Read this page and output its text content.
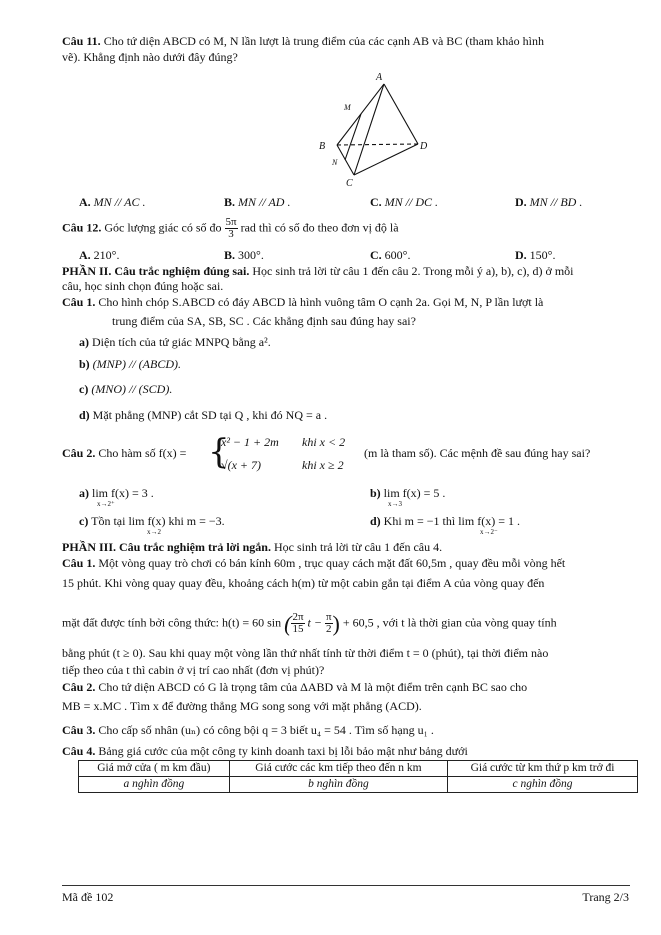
Câu 11. Cho tứ diện ABCD có M, N lần lượt là trung điểm của các cạnh AB và BC (tham khảo hình
vẽ). Khẳng định nào dưới đây đúng?
A
M
B
N
C
D
A. MN // AC .	B. MN // AD .	C. MN // DC .	D. MN // BD .
Câu 12. Góc lượng giác có số đo $\frac{5\pi}{3}$ rad thì có số đo theo đơn vị độ là
A. 210°.	B. 300°.	C. 600°.	D. 150°.
PHẦN II. Câu trắc nghiệm đúng sai. Học sinh trả lời từ câu 1 đến câu 2. Trong mỗi ý a), b), c), d) ở mỗi
câu, học sinh chọn đúng hoặc sai.
Câu 1. Cho hình chóp S.ABCD có đáy ABCD là hình vuông tâm O cạnh 2a. Gọi M, N, P lần lượt là
trung điểm của SA, SB, SC . Các khẳng định sau đúng hay sai?
a) Diện tích của tứ giác MNPQ bằng a².
b) (MNP) // (ABCD).
c) (MNO) // (SCD).
d) Mặt phẳng (MNP) cắt SD tại Q , khi đó NQ = a .
Câu 2. Cho hàm số f(x) = {
x² − 1 + 2m khi x < 2
√(x + 7)	khi x ≥ 2
(m là tham số). Các mệnh đề sau đúng hay sai?
a) lim f(x) = 3 .
x→2⁺
b) lim f(x) = 5 .
x→3
c) Tồn tại lim f(x) khi m = −3.
x→2
d) Khi m = −1 thì lim f(x) = 1 .
x→2⁻
PHẦN III. Câu trắc nghiệm trả lời ngắn. Học sinh trả lời từ câu 1 đến câu 4.
Câu 1. Một vòng quay trò chơi có bán kính 60m , trục quay cách mặt đất 60,5m , quay đều mỗi vòng hết
15 phút. Khi vòng quay quay đều, khoảng cách h(m) từ một cabin gắn tại điểm A của vòng quay đến
mặt đất được tính bởi công thức: h(t) = 60 sin ( $\frac{2\pi}{15}$ $t - \frac{\pi}{2}$ ) + 60,5 , với t là thời gian của vòng quay tính
bằng phút (t ≥ 0). Sau khi quay một vòng lần thứ nhất tính từ thời điểm t = 0 (phút), tại thời điểm nào
tiếp theo của t thì cabin ở vị trí cao nhất (đơn vị phút)?
Câu 2. Cho tứ diện ABCD có G là trọng tâm của ΔABD và M là một điểm trên cạnh BC sao cho
MB = x.MC . Tìm x để đường thẳng MG song song với mặt phẳng (ACD).
Câu 3. Cho cấp số nhân (uₙ) có công bội q = 3 biết u₄ = 54 . Tìm số hạng u₁ .
Câu 4. Bảng giá cước của một công ty kinh doanh taxi bị lỗi bảo mật như bảng dưới
Giá mở cửa ( m km đầu)	Giá cước các km tiếp theo đến n km	Giá cước từ km thứ p km trở đi
a nghìn đồng	b nghìn đồng	c nghìn đồng
Mã đề 102	Trang 2/3
